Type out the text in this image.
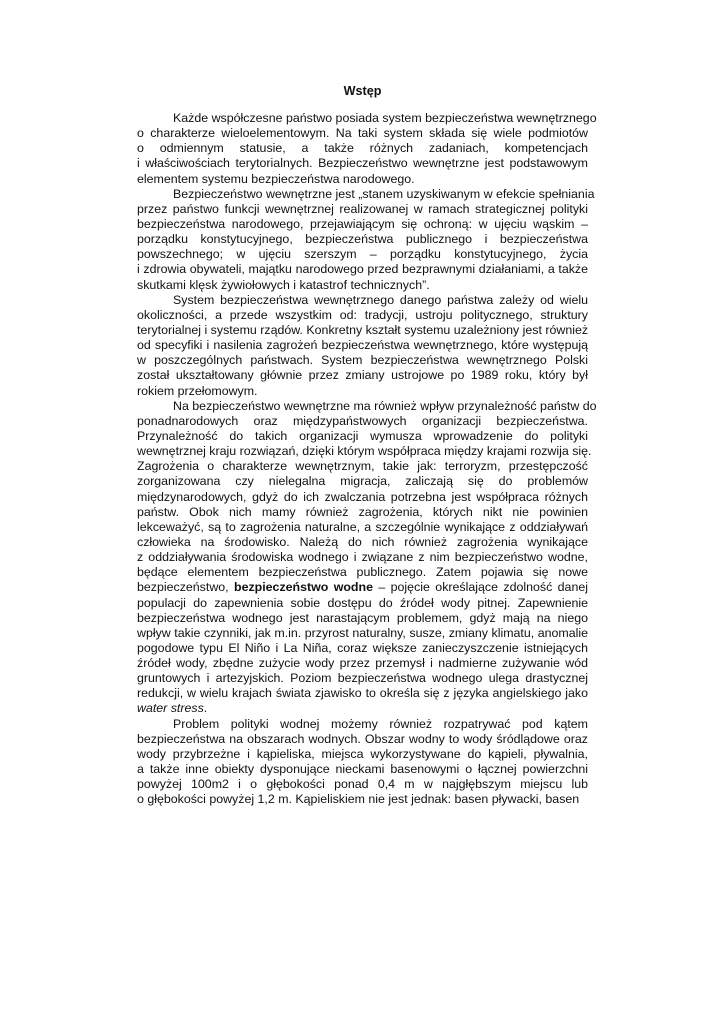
Wstęp
Każde współczesne państwo posiada system bezpieczeństwa wewnętrznego
o charakterze wieloelementowym. Na taki system składa się wiele podmiotów
o odmiennym statusie, a także różnych zadaniach, kompetencjach
i właściwościach terytorialnych. Bezpieczeństwo wewnętrzne jest podstawowym
elementem systemu bezpieczeństwa narodowego.
Bezpieczeństwo wewnętrzne jest „stanem uzyskiwanym w efekcie spełniania
przez państwo funkcji wewnętrznej realizowanej w ramach strategicznej polityki
bezpieczeństwa narodowego, przejawiającym się ochroną: w ujęciu wąskim –
porządku konstytucyjnego, bezpieczeństwa publicznego i bezpieczeństwa
powszechnego; w ujęciu szerszym – porządku konstytucyjnego, życia
i zdrowia obywateli, majątku narodowego przed bezprawnymi działaniami, a także
skutkami klęsk żywiołowych i katastrof technicznych”.
System bezpieczeństwa wewnętrznego danego państwa zależy od wielu
okoliczności, a przede wszystkim od: tradycji, ustroju politycznego, struktury
terytorialnej i systemu rządów. Konkretny kształt systemu uzależniony jest również
od specyfiki i nasilenia zagrożeń bezpieczeństwa wewnętrznego, które występują
w poszczególnych państwach. System bezpieczeństwa wewnętrznego Polski
został ukształtowany głównie przez zmiany ustrojowe po 1989 roku, który był
rokiem przełomowym.
Na bezpieczeństwo wewnętrzne ma również wpływ przynależność państw do
ponadnarodowych oraz międzypaństwowych organizacji bezpieczeństwa.
Przynależność do takich organizacji wymusza wprowadzenie do polityki
wewnętrznej kraju rozwiązań, dzięki którym współpraca między krajami rozwija się.
Zagrożenia o charakterze wewnętrznym, takie jak: terroryzm, przestępczość
zorganizowana czy nielegalna migracja, zaliczają się do problemów
międzynarodowych, gdyż do ich zwalczania potrzebna jest współpraca różnych
państw. Obok nich mamy również zagrożenia, których nikt nie powinien
lekceważyć, są to zagrożenia naturalne, a szczególnie wynikające z oddziaływań
człowieka na środowisko. Należą do nich również zagrożenia wynikające
z oddziaływania środowiska wodnego i związane z nim bezpieczeństwo wodne,
będące elementem bezpieczeństwa publicznego. Zatem pojawia się nowe
bezpieczeństwo, bezpieczeństwo wodne – pojęcie określające zdolność danej
populacji do zapewnienia sobie dostępu do źródeł wody pitnej. Zapewnienie
bezpieczeństwa wodnego jest narastającym problemem, gdyż mają na niego
wpływ takie czynniki, jak m.in. przyrost naturalny, susze, zmiany klimatu, anomalie
pogodowe typu El Niño i La Niña, coraz większe zanieczyszczenie istniejących
źródeł wody, zbędne zużycie wody przez przemysł i nadmierne zużywanie wód
gruntowych i artezyjskich. Poziom bezpieczeństwa wodnego ulega drastycznej
redukcji, w wielu krajach świata zjawisko to określa się z języka angielskiego jako
water stress.
Problem polityki wodnej możemy również rozpatrywać pod kątem
bezpieczeństwa na obszarach wodnych. Obszar wodny to wody śródlądowe oraz
wody przybrzeżne i kąpieliska, miejsca wykorzystywane do kąpieli, pływalnia,
a także inne obiekty dysponujące nieckami basenowymi o łącznej powierzchni
powyżej 100m2 i o głębokości ponad 0,4 m w najgłębszym miejscu lub
o głębokości powyżej 1,2 m. Kąpieliskiem nie jest jednak: basen pływacki, basen
